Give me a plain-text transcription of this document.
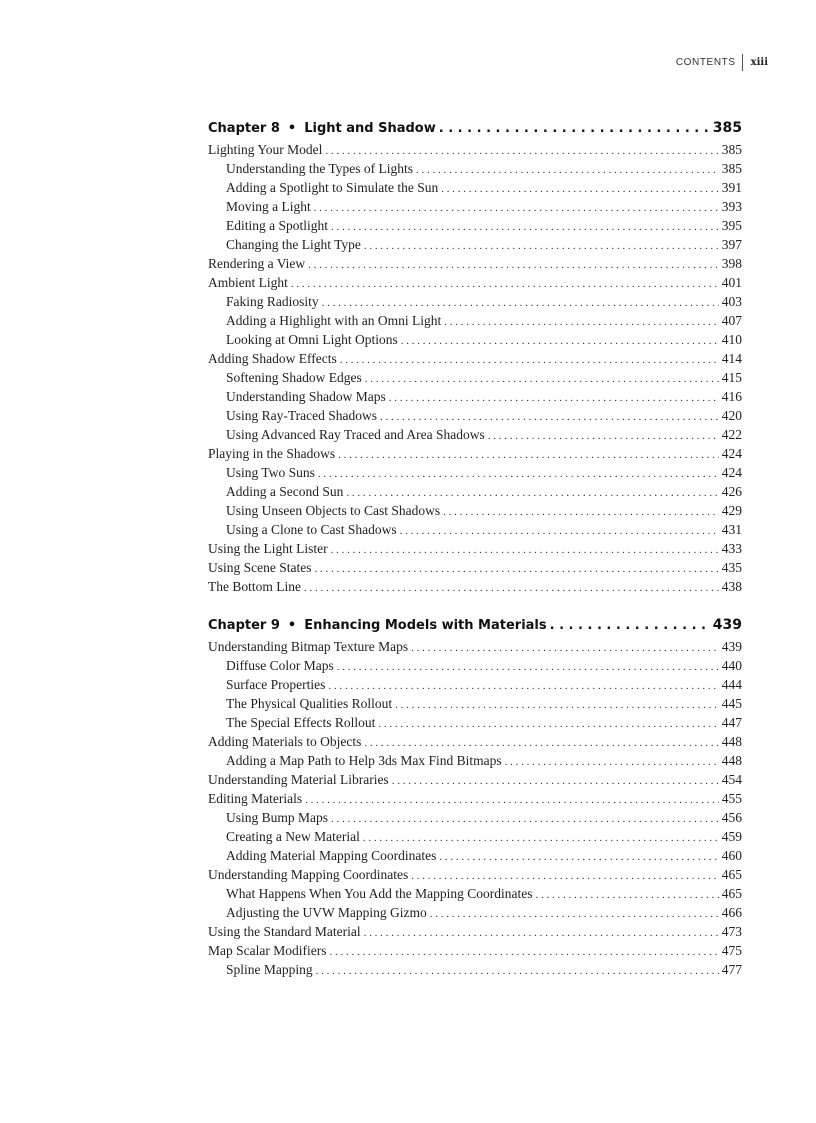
CONTENTS	xiii
Chapter 8 • Light and Shadow . . .	385
Lighting Your Model . . .	385
Understanding the Types of Lights . . .	385
Adding a Spotlight to Simulate the Sun . . .	391
Moving a Light . . .	393
Editing a Spotlight . . .	395
Changing the Light Type . . .	397
Rendering a View . . .	398
Ambient Light . . .	401
Faking Radiosity . . .	403
Adding a Highlight with an Omni Light . . .	407
Looking at Omni Light Options . . .	410
Adding Shadow Effects . . .	414
Softening Shadow Edges . . .	415
Understanding Shadow Maps . . .	416
Using Ray-Traced Shadows . . .	420
Using Advanced Ray Traced and Area Shadows . . .	422
Playing in the Shadows . . .	424
Using Two Suns . . .	424
Adding a Second Sun . . .	426
Using Unseen Objects to Cast Shadows . . .	429
Using a Clone to Cast Shadows . . .	431
Using the Light Lister . . .	433
Using Scene States . . .	435
The Bottom Line . . .	438
Chapter 9 • Enhancing Models with Materials . . .	439
Understanding Bitmap Texture Maps . . .	439
Diffuse Color Maps . . .	440
Surface Properties . . .	444
The Physical Qualities Rollout . . .	445
The Special Effects Rollout . . .	447
Adding Materials to Objects . . .	448
Adding a Map Path to Help 3ds Max Find Bitmaps . . .	448
Understanding Material Libraries . . .	454
Editing Materials . . .	455
Using Bump Maps . . .	456
Creating a New Material . . .	459
Adding Material Mapping Coordinates . . .	460
Understanding Mapping Coordinates . . .	465
What Happens When You Add the Mapping Coordinates . . .	465
Adjusting the UVW Mapping Gizmo . . .	466
Using the Standard Material . . .	473
Map Scalar Modifiers . . .	475
Spline Mapping . . .	477
